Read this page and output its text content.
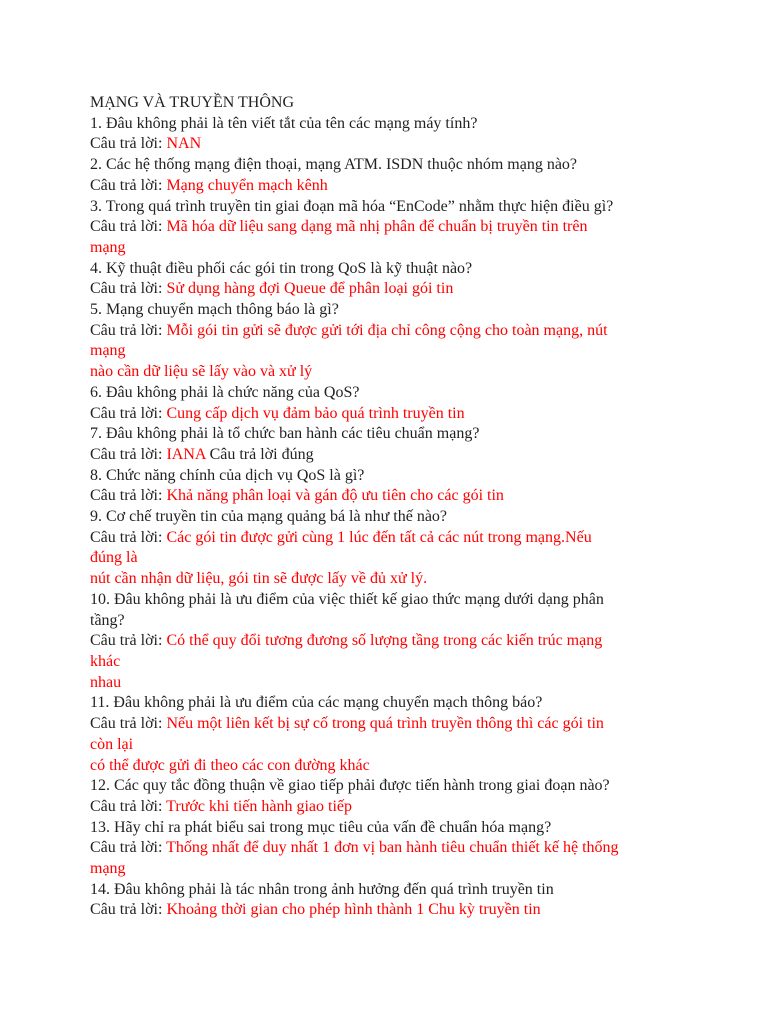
MẠNG VÀ TRUYỀN THÔNG
1. Đâu không phải là tên viết tắt của tên các mạng máy tính?
Câu trả lời: NAN
2. Các hệ thống mạng điện thoại, mạng ATM. ISDN thuộc nhóm mạng nào?
Câu trả lời: Mạng chuyển mạch kênh
3. Trong quá trình truyền tin giai đoạn mã hóa “EnCode” nhằm thực hiện điều gì?
Câu trả lời: Mã hóa dữ liệu sang dạng mã nhị phân để chuẩn bị truyền tin trên
mạng
4. Kỹ thuật điều phối các gói tin trong QoS là kỹ thuật nào?
Câu trả lời: Sử dụng hàng đợi Queue để phân loại gói tin
5. Mạng chuyển mạch thông báo là gì?
Câu trả lời: Mỗi gói tin gửi sẽ được gửi tới địa chỉ công cộng cho toàn mạng, nút
mạng
nào cần dữ liệu sẽ lấy vào và xử lý
6. Đâu không phải là chức năng của QoS?
Câu trả lời: Cung cấp dịch vụ đảm bảo quá trình truyền tin
7. Đâu không phải là tổ chức ban hành các tiêu chuẩn mạng?
Câu trả lời: IANA Câu trả lời đúng
8. Chức năng chính của dịch vụ QoS là gì?
Câu trả lời: Khả năng phân loại và gán độ ưu tiên cho các gói tin
9. Cơ chế truyền tin của mạng quảng bá là như thế nào?
Câu trả lời: Các gói tin được gửi cùng 1 lúc đến tất cả các nút trong mạng.Nếu
đúng là
nút cần nhận dữ liệu, gói tin sẽ được lấy về đủ xử lý.
10. Đâu không phải là ưu điểm của việc thiết kế giao thức mạng dưới dạng phân
tầng?
Câu trả lời: Có thể quy đổi tương đương số lượng tầng trong các kiến trúc mạng
khác
nhau
11. Đâu không phải là ưu điểm của các mạng chuyển mạch thông báo?
Câu trả lời: Nếu một liên kết bị sự cố trong quá trình truyền thông thì các gói tin
còn lại
có thể được gửi đi theo các con đường khác
12. Các quy tắc đồng thuận về giao tiếp phải được tiến hành trong giai đoạn nào?
Câu trả lời: Trước khi tiến hành giao tiếp
13. Hãy chỉ ra phát biểu sai trong mục tiêu của vấn đề chuẩn hóa mạng?
Câu trả lời: Thống nhất để duy nhất 1 đơn vị ban hành tiêu chuẩn thiết kế hệ thống
mạng
14. Đâu không phải là tác nhân trong ảnh hưởng đến quá trình truyền tin
Câu trả lời: Khoảng thời gian cho phép hình thành 1 Chu kỳ truyền tin
